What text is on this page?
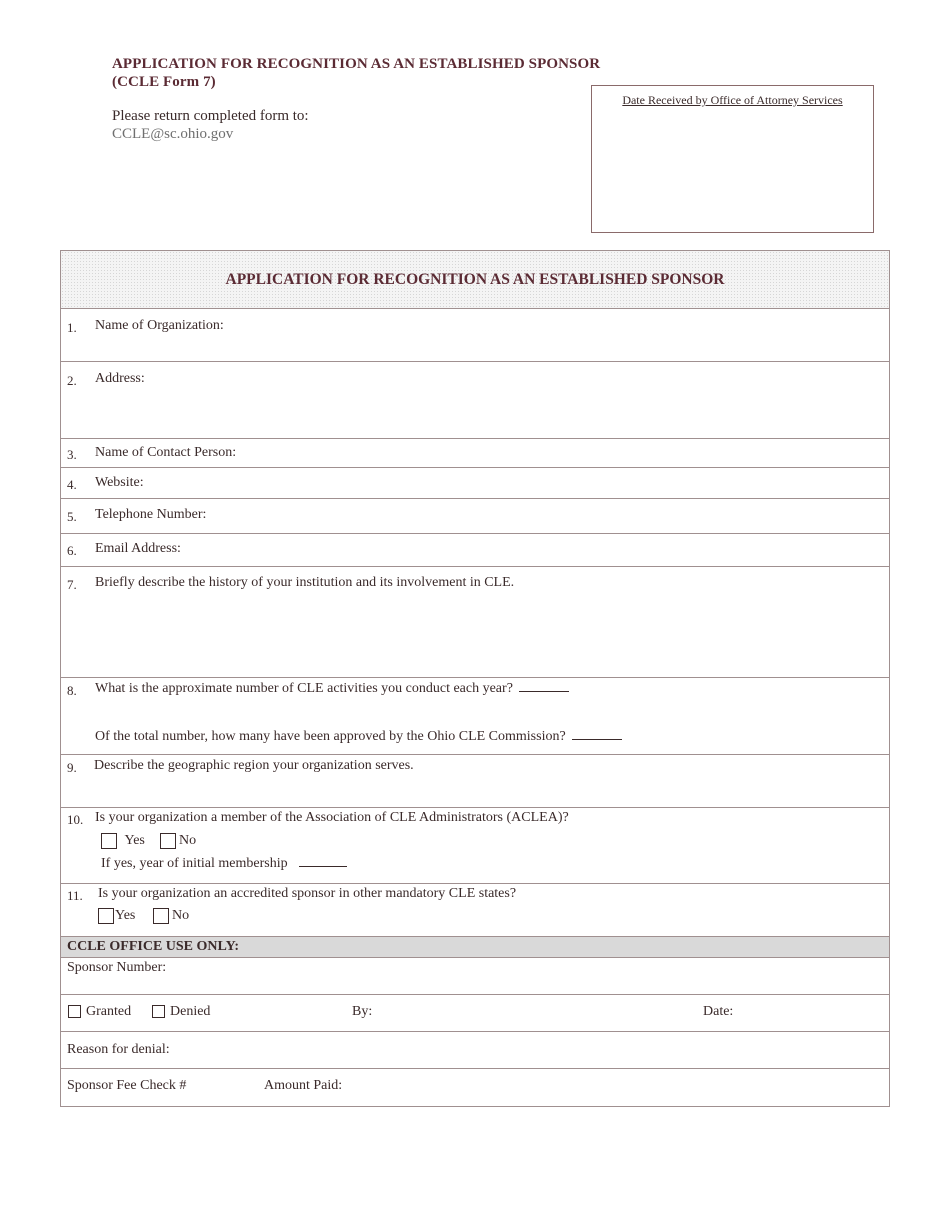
APPLICATION FOR RECOGNITION AS AN ESTABLISHED SPONSOR
(CCLE Form 7)
Please return completed form to:
CCLE@sc.ohio.gov
Date Received by Office of Attorney Services
APPLICATION FOR RECOGNITION AS AN ESTABLISHED SPONSOR
1. Name of Organization:
2. Address:
3. Name of Contact Person:
4. Website:
5. Telephone Number:
6. Email Address:
7. Briefly describe the history of your institution and its involvement in CLE.
8. What is the approximate number of CLE activities you conduct each year?
Of the total number, how many have been approved by the Ohio CLE Commission?
9. Describe the geographic region your organization serves.
10. Is your organization a member of the Association of CLE Administrators (ACLEA)?
Yes	No
If yes, year of initial membership
11. Is your organization an accredited sponsor in other mandatory CLE states?
Yes	No
CCLE OFFICE USE ONLY:
Sponsor Number:
Granted	Denied	By:	Date:
Reason for denial:
Sponsor Fee Check #	Amount Paid:
